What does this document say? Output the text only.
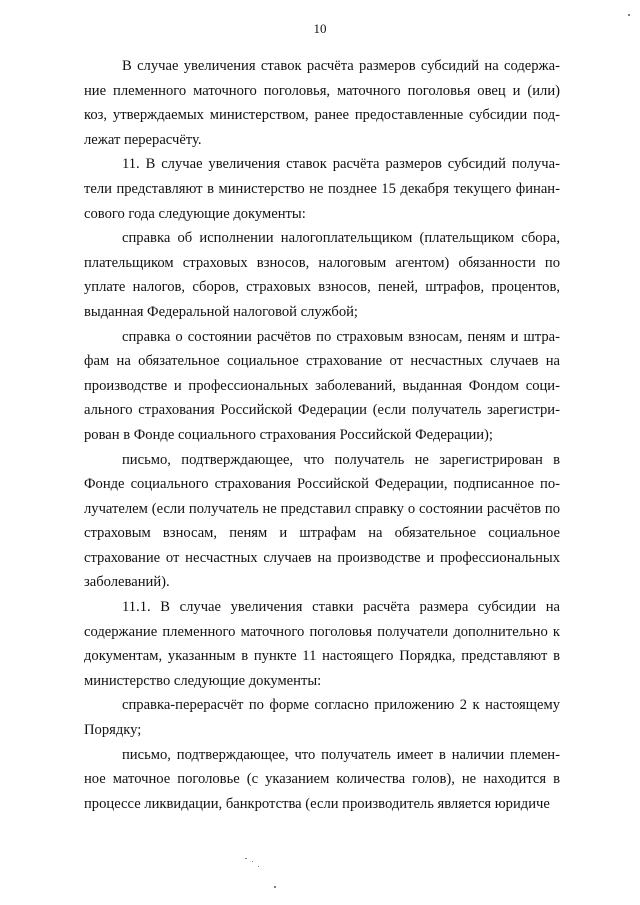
10

В случае увеличения ставок расчёта размеров субсидий на содержание племенного маточного поголовья, маточного поголовья овец и (или) коз, утверждаемых министерством, ранее предоставленные субсидии подлежат перерасчёту.

11. В случае увеличения ставок расчёта размеров субсидий получатели представляют в министерство не позднее 15 декабря текущего финансового года следующие документы:

справка об исполнении налогоплательщиком (плательщиком сбора, плательщиком страховых взносов, налоговым агентом) обязанности по уплате налогов, сборов, страховых взносов, пеней, штрафов, процентов, выданная Федеральной налоговой службой;

справка о состоянии расчётов по страховым взносам, пеням и штрафам на обязательное социальное страхование от несчастных случаев на производстве и профессиональных заболеваний, выданная Фондом социального страхования Российской Федерации (если получатель зарегистрирован в Фонде социального страхования Российской Федерации);

письмо, подтверждающее, что получатель не зарегистрирован в Фонде социального страхования Российской Федерации, подписанное получателем (если получатель не представил справку о состоянии расчётов по страховым взносам, пеням и штрафам на обязательное социальное страхование от несчастных случаев на производстве и профессиональных заболеваний).

11.1. В случае увеличения ставки расчёта размера субсидии на содержание племенного маточного поголовья получатели дополнительно к документам, указанным в пункте 11 настоящего Порядка, представляют в министерство следующие документы:

справка-перерасчёт по форме согласно приложению 2 к настоящему Порядку;

письмо, подтверждающее, что получатель имеет в наличии племенное маточное поголовье (с указанием количества голов), не находится в процессе ликвидации, банкротства (если производитель является юридиче
